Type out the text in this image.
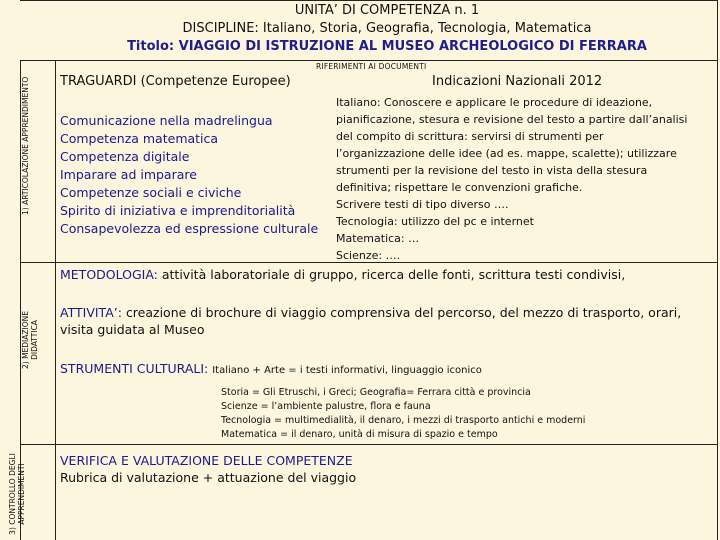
UNITA’ DI COMPETENZA n. 1
DISCIPLINE: Italiano, Storia, Geografia, Tecnologia, Matematica
Titolo: VIAGGIO DI ISTRUZIONE AL MUSEO ARCHEOLOGICO DI FERRARA
RIFERIMENTI AI DOCUMENTI
1) ARTICOLAZIONE APPRENDIMENTO
2) MEDIAZIONE DIDATTICA
3) CONTROLLO DEGLI APPRENDIMENTI
TRAGUARDI (Competenze Europee)
Comunicazione nella madrelingua
Competenza matematica
Competenza digitale
Imparare ad imparare
Competenze sociali e civiche
Spirito di iniziativa e imprenditorialità
Consapevolezza ed espressione culturale
Indicazioni Nazionali 2012

Italiano: Conoscere e applicare le procedure di ideazione,

pianificazione, stesura e revisione del testo a partire dall’analisi

del compito di scrittura: servirsi di strumenti per

l’organizzazione delle idee (ad es. mappe, scalette); utilizzare

strumenti per la revisione del testo in vista della stesura

definitiva; rispettare le convenzioni grafiche.

Scrivere testi di tipo diverso ….

Tecnologia: utilizzo del pc e internet

Matematica: …

Scienze: ….

METODOLOGIA: attività laboratoriale di gruppo, ricerca delle fonti, scrittura testi condivisi,
ATTIVITA’: creazione di brochure di viaggio comprensiva del percorso, del mezzo di trasporto, orari, visita guidata al Museo
STRUMENTI CULTURALI: Italiano + Arte = i testi informativi, linguaggio iconico
Storia = Gli Etruschi, i Greci; Geografia= Ferrara città e provincia
Scienze = l’ambiente palustre, flora e fauna
Tecnologia = multimedialità, il denaro, i mezzi di trasporto antichi e moderni
Matematica = il denaro, unità di misura di spazio e tempo
VERIFICA E VALUTAZIONE DELLE COMPETENZE
Rubrica di valutazione + attuazione del viaggio
